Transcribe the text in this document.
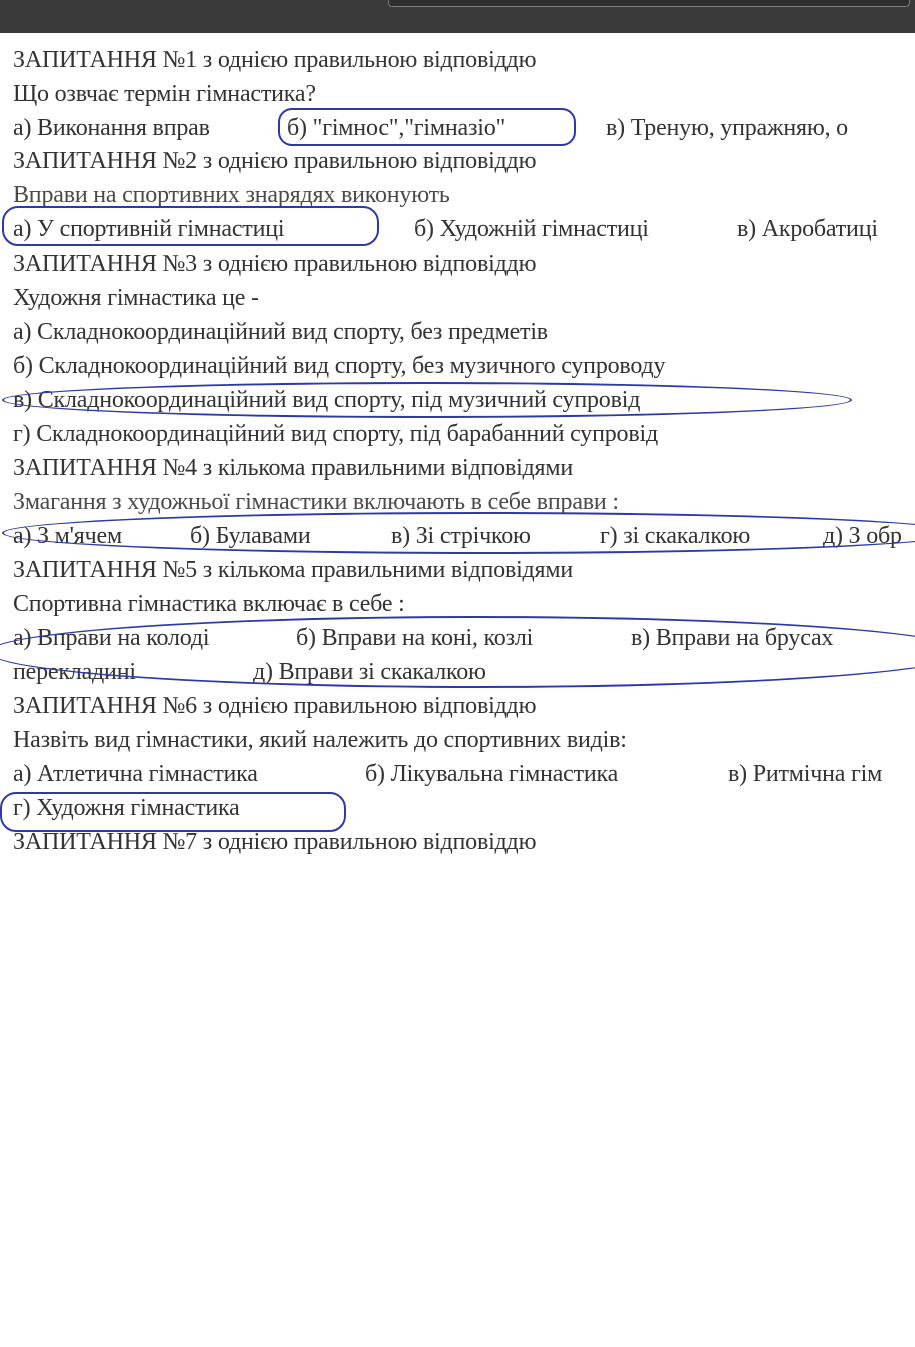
ЗАПИТАННЯ №1 з однією правильною відповіддю
Що озвчає термін гімнастика?
а) Виконання вправ	б) "гімнос","гімназіо"	в) Треную, упражняю, о
ЗАПИТАННЯ №2 з однією правильною відповіддю
Вправи на спортивних знарядях виконують
а) У спортивній гімнастиці	б) Художній гімнастиці	в) Акробатиці
ЗАПИТАННЯ №3 з однією правильною відповіддю
Художня гімнастика це -
а) Складнокоординаційний вид спорту, без предметів
б) Складнокоординаційний вид спорту, без музичного супроводу
в) Складнокоординаційний вид спорту, під музичний супровід
г) Складнокоординаційний вид спорту, під барабанний супровід
ЗАПИТАННЯ №4 з кількома правильними відповідями
Змагання з художньої гімнастики включають в себе вправи :
а) З м'ячем	б) Булавами	в) Зі стрічкою	г) зі скакалкою	д) З обр
ЗАПИТАННЯ №5 з кількома правильними відповідями
Спортивна гімнастика включає в себе :
а) Вправи на колоді	б) Вправи на коні, козлі	в) Вправи на брусах
перекладині	д) Вправи зі скакалкою
ЗАПИТАННЯ №6 з однією правильною відповіддю
Назвіть вид гімнастики, який належить до спортивних видів:
а) Атлетична гімнастика	б) Лікувальна гімнастика	в) Ритмічна гім
г) Художня гімнастика
ЗАПИТАННЯ №7 з однією правильною відповіддю
